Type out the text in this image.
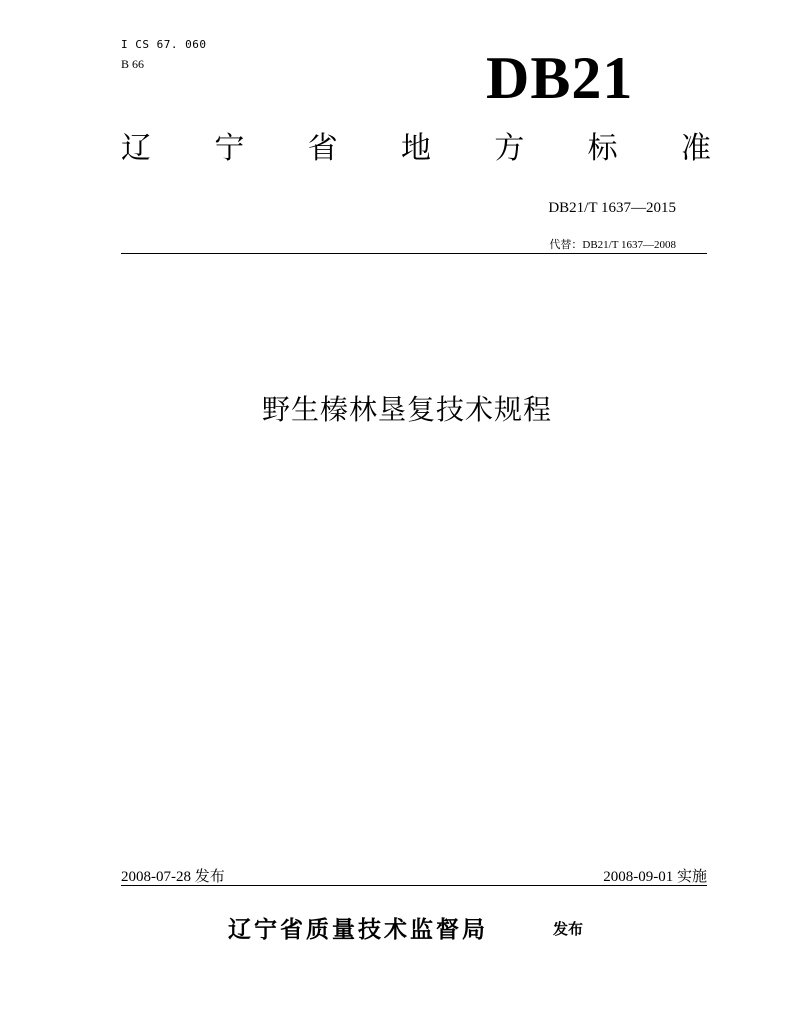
I CS 67. 060
B 66	DB21
辽 宁 省 地 方 标 准
DB21/T 1637—2015
代替：DB21/T 1637—2008
野生榛林垦复技术规程
2008-07-28 发布	2008-09-01 实施
辽宁省质量技术监督局	发布
